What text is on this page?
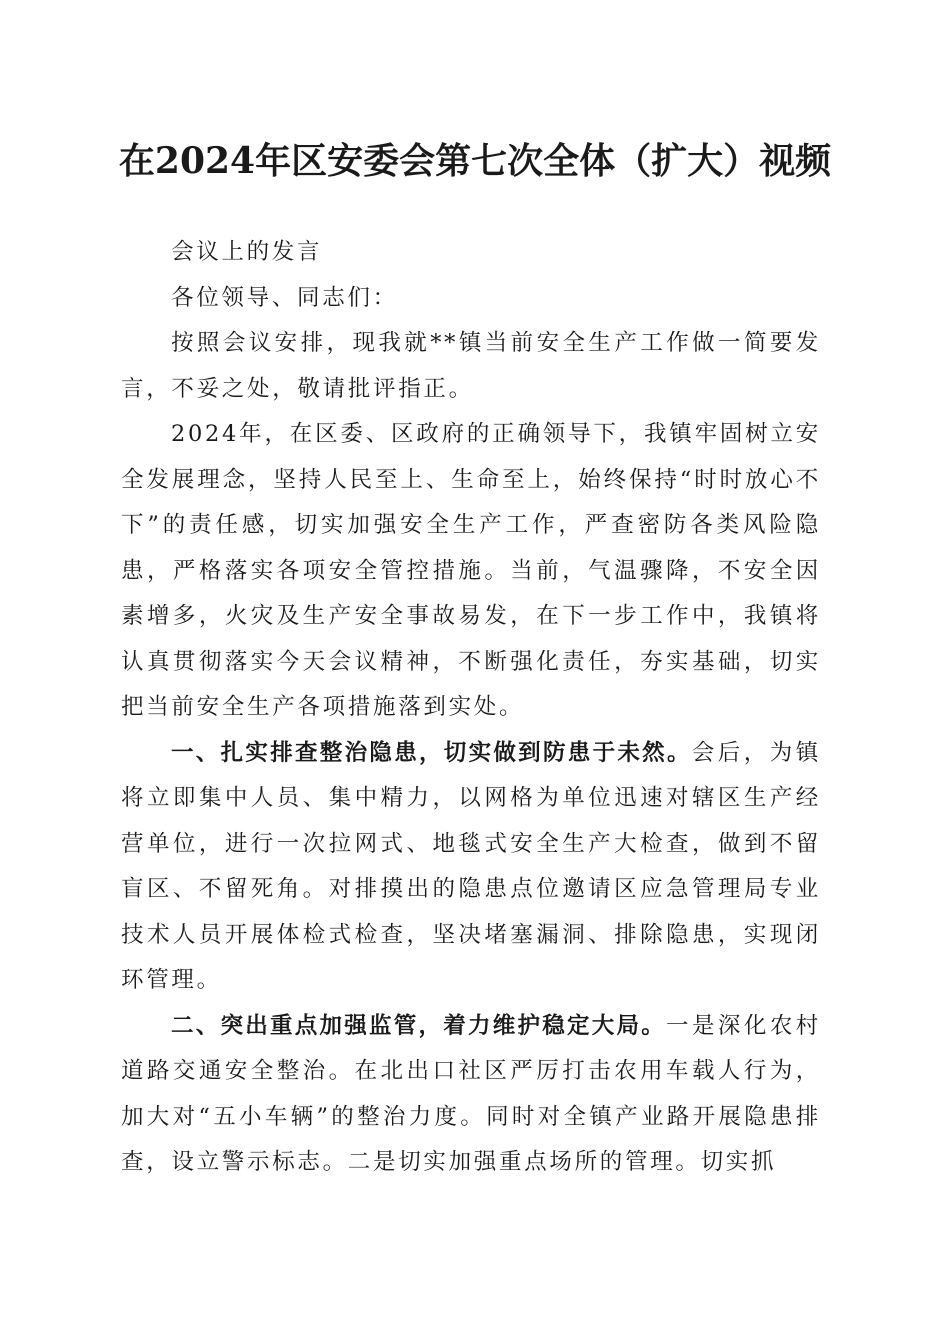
在2024年区安委会第七次全体（扩大）视频

会议上的发言

各位领导、同志们：

按照会议安排，现我就**镇当前安全生产工作做一简要发言，不妥之处，敬请批评指正。

2024年，在区委、区政府的正确领导下，我镇牢固树立安全发展理念，坚持人民至上、生命至上，始终保持“时时放心不下”的责任感，切实加强安全生产工作，严查密防各类风险隐患，严格落实各项安全管控措施。当前，气温骤降，不安全因素增多，火灾及生产安全事故易发，在下一步工作中，我镇将认真贯彻落实今天会议精神，不断强化责任，夯实基础，切实把当前安全生产各项措施落到实处。

一、扎实排查整治隐患，切实做到防患于未然。会后，为镇将立即集中人员、集中精力，以网格为单位迅速对辖区生产经营单位，进行一次拉网式、地毯式安全生产大检查，做到不留盲区、不留死角。对排摸出的隐患点位邀请区应急管理局专业技术人员开展体检式检查，坚决堵塞漏洞、排除隐患，实现闭环管理。

二、突出重点加强监管，着力维护稳定大局。一是深化农村道路交通安全整治。在北出口社区严厉打击农用车载人行为，加大对“五小车辆”的整治力度。同时对全镇产业路开展隐患排查，设立警示标志。二是切实加强重点场所的管理。切实抓
